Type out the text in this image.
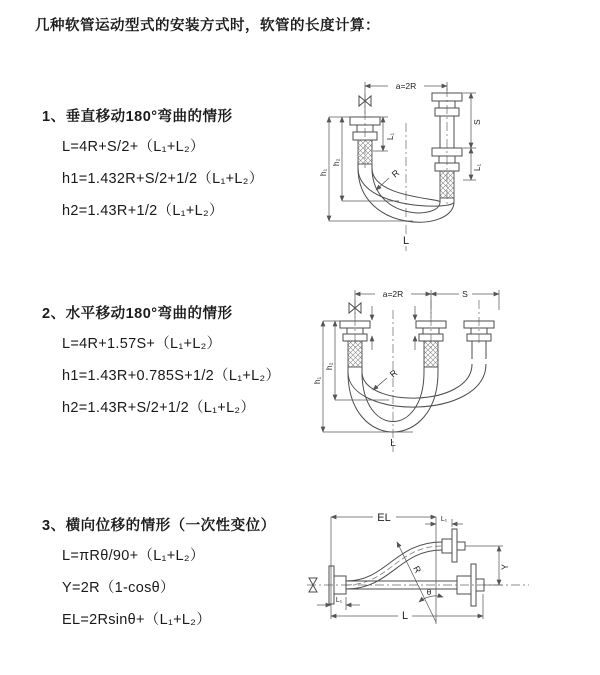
几种软管运动型式的安装方式时，软管的长度计算：
1、垂直移动180°弯曲的情形
L=4R+S/2+（L₁+L₂）
h1=1.432R+S/2+1/2（L₁+L₂）
h2=1.43R+1/2（L₁+L₂）
a=2R
L₁
S
L₁
h₁
h₂
R
L
2、水平移动180°弯曲的情形
L=4R+1.57S+（L₁+L₂）
h1=1.43R+0.785S+1/2（L₁+L₂）
h2=1.43R+S/2+1/2（L₁+L₂）
a=2R	S
h₁
h₂
R
L
3、横向位移的情形（一次性变位）
L=πRθ/90+（L₁+L₂）
Y=2R（1-cosθ）
EL=2Rsinθ+（L₁+L₂）
EL	L₁
Y
R
θ
L
L₁
